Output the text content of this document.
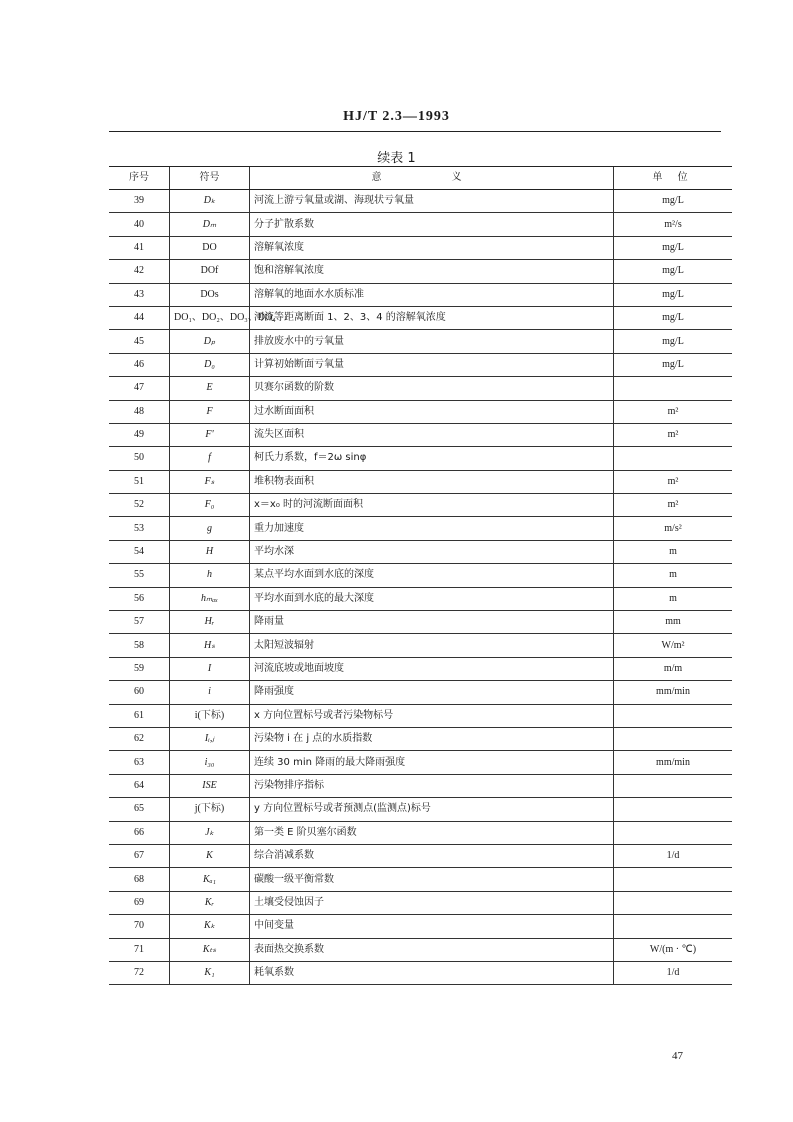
HJ/T 2.3—1993
续表 1
序号	符号	意　义	单 位
39	Dₖ	河流上游亏氧量或湖、海现状亏氧量	mg/L
40	Dₘ	分子扩散系数	m²/s
41	DO	溶解氧浓度	mg/L
42	DOf	饱和溶解氧浓度	mg/L
43	DOs	溶解氧的地面水水质标准	mg/L
44	DO₁、DO₂、DO₃、DO₄	河流等距离断面 1、2、3、4 的溶解氧浓度	mg/L
45	Dₚ	排放废水中的亏氧量	mg/L
46	D₀	计算初始断面亏氧量	mg/L
47	E	贝赛尔函数的阶数	
48	F	过水断面面积	m²
49	F'	流失区面积	m²
50	f	柯氏力系数，f＝2ω sinφ	
51	Fₛ	堆积物表面积	m²
52	F₀	x＝x₀ 时的河流断面面积	m²
53	g	重力加速度	m/s²
54	H	平均水深	m
55	h	某点平均水面到水底的深度	m
56	hₘₐₓ	平均水面到水底的最大深度	m
57	Hᵣ	降雨量	mm
58	Hₛ	太阳短波辐射	W/m²
59	I	河流底坡或地面坡度	m/m
60	i	降雨强度	mm/min
61	i(下标)	x 方向位置标号或者污染物标号	
62	Iᵢ,ⱼ	污染物 i 在 j 点的水质指数	
63	i₃₀	连续 30 min 降雨的最大降雨强度	mm/min
64	ISE	污染物排序指标	
65	j(下标)	y 方向位置标号或者预测点(监测点)标号	
66	Jₖ	第一类 E 阶贝塞尔函数	
67	K	综合消减系数	1/d
68	Kₐ₁	碳酸一级平衡常数	
69	Kᵣ	土壤受侵蚀因子	
70	Kₖ	中间变量	
71	Kₜₛ	表面热交换系数	W/(m · ℃)
72	K₁	耗氧系数	1/d
47
